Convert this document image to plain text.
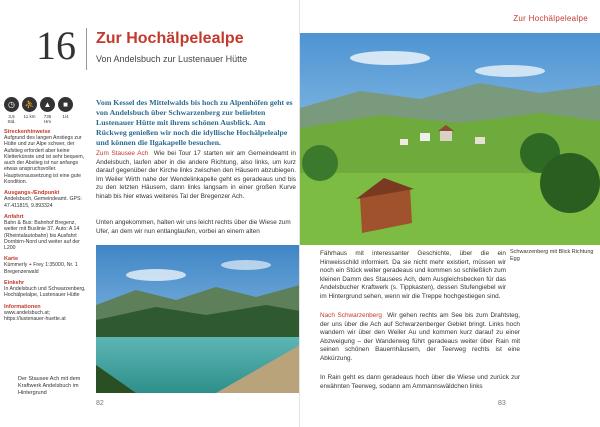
16 Zur Hochälpelealpe
Von Andelsbuch zur Lustenauer Hütte
◷	⛹	▲	■
3,5 Std.
11 km	735 Hm
1/4
Streckenhinweise
Aufgrund des langen Anstiegs zur Hütte und zur Alpe schwer, der Aufstieg erfordert aber keine Kletterkünste und ist sehr bequem, auch der Abstieg ist nur anfangs etwas anspruchsvoller. Hauptvoraussetzung ist eine gute Kondition.
Ausgangs-/Endpunkt
Andelsbuch, Gemeindeamt. GPS: 47.411815, 9.893324
Anfahrt
Bahn & Bus: Bahnhof Bregenz, weiter mit Buslinie 37. Auto: A 14 (Rheintalautobahn) bis Ausfahrt Dornbirn-Nord und weiter auf der L200
Karte
Kümmerly + Frey 1:35000, Nr. 1 Bregenzerwald
Einkehr
In Andelsbuch und Schwarzenberg, Hochälpelalpe, Lustenauer Hütte
Informationen
www.andelsbuch.at; https://lustenauer-huette.at
Vom Kessel des Mittelwalds bis hoch zu Alpenhöfen geht es von Andelsbuch über Schwarzenberg zur beliebten Lustenauer Hütte mit ihrem schönen Ausblick. Am Rückweg genießen wir noch die idyllische Hochälpelealpe und können die Ilgakapelle besuchen.
Zum Stausee Ach Wie bei Tour 17 starten wir am Gemeindeamt in Andelsbuch, laufen aber in die andere Richtung, also links, um kurz darauf gegenüber der Kirche links zwischen den Häusern abzubiegen. Im Weiler Wirth nahe der Wendelinkapelle geht es geradeaus und bis zu den letzten Häusern, dann links langsam in einer großen Kurve hinab bis hier etwas weiteres Tal der Bregenzer Ach.
Unten angekommen, halten wir uns leicht rechts über die Wiese zum Ufer, an dem wir nun entlanglaufen, vorbei an einem alten
Der Stausee Ach mit dem Kraftwerk Andelsbuch im Hintergrund
82
Zur Hochälpelealpe
Schwarzenberg mit Blick Richtung Egg
Fährhaus mit interessanter Geschichte, über die ein Hinweisschild informiert. Da sie nicht mehr existiert, müssen wir noch ein Stück weiter geradeaus und kommen so schließlich zum kleinen Damm des Stausees Ach, dem Ausgleichsbecken für das Andelsbucher Kraftwerk (s. Tippkasten), dessen Stufengiebel wir im Hintergrund sehen, wenn wir die Treppe hochgestiegen sind.
Nach Schwarzenberg Wir gehen rechts am See bis zum Drahtsteg, der uns über die Ach auf Schwarzenberger Gebiet bringt. Links hoch wandern wir über den Weiler Au und kommen kurz darauf zu einer Abzweigung – der Wanderweg führt geradeaus weiter über Rain mit seinen schönen Bauernhäusern, der Teerweg rechts ist eine Abkürzung.
In Rain geht es dann geradeaus hoch über die Wiese und zurück zur erwähnten Teerweg, sodann am Ammannswäldchen links
83
